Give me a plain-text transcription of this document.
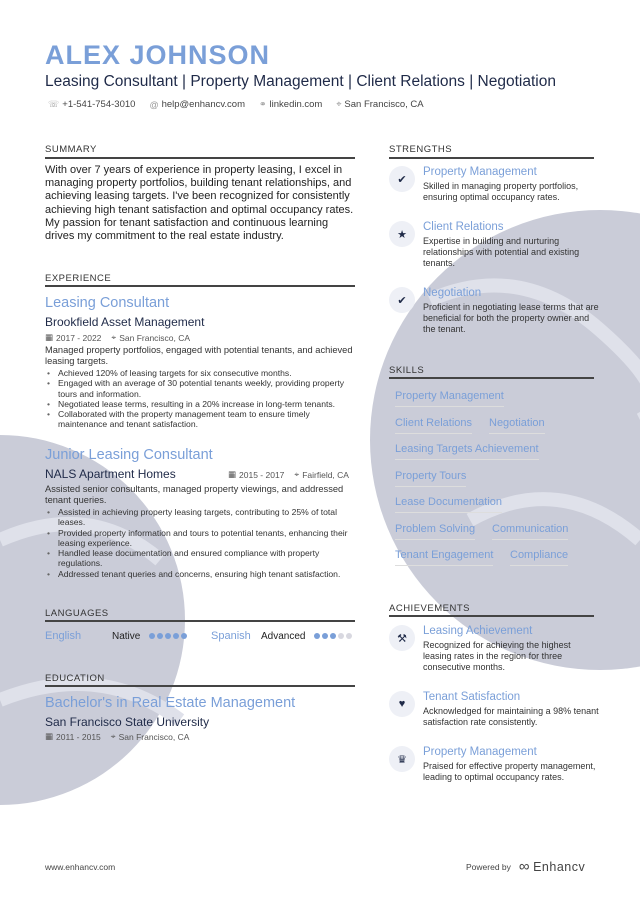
ALEX JOHNSON
Leasing Consultant | Property Management | Client Relations | Negotiation
☏ +1-541-754-3010 @ help@enhancv.com ⚭ linkedin.com ⌖ San Francisco, CA
SUMMARY
With over 7 years of experience in property leasing, I excel in managing property portfolios, building tenant relationships, and achieving leasing targets. I've been recognized for consistently achieving high tenant satisfaction and optimal occupancy rates. My passion for tenant satisfaction and continuous learning drives my commitment to the real estate industry.
EXPERIENCE
Leasing Consultant
Brookfield Asset Management
▦ 2017 - 2022 ⌖ San Francisco, CA
Managed property portfolios, engaged with potential tenants, and achieved leasing targets.
• Achieved 120% of leasing targets for six consecutive months.
• Engaged with an average of 30 potential tenants weekly, providing property tours and information.
• Negotiated lease terms, resulting in a 20% increase in long-term tenants.
• Collaborated with the property management team to ensure timely maintenance and tenant satisfaction.
Junior Leasing Consultant
NALS Apartment Homes	▦ 2015 - 2017 ⌖ Fairfield, CA
Assisted senior consultants, managed property viewings, and addressed tenant queries.
• Assisted in achieving property leasing targets, contributing to 25% of total leases.
• Provided property information and tours to potential tenants, enhancing their leasing experience.
• Handled lease documentation and ensured compliance with property regulations.
• Addressed tenant queries and concerns, ensuring high tenant satisfaction.
LANGUAGES
English	Native	Spanish	Advanced
EDUCATION
Bachelor's in Real Estate Management
San Francisco State University
▦ 2011 - 2015 ⌖ San Francisco, CA
STRENGTHS
✔
Property Management
Skilled in managing property portfolios, ensuring optimal occupancy rates.
★
Client Relations
Expertise in building and nurturing relationships with potential and existing tenants.
✔
Negotiation
Proficient in negotiating lease terms that are beneficial for both the property owner and the tenant.
SKILLS
Property Management
Client Relations Negotiation
Leasing Targets Achievement
Property Tours
Lease Documentation
Problem Solving Communication
Tenant Engagement Compliance
ACHIEVEMENTS
⚒
Leasing Achievement
Recognized for achieving the highest leasing rates in the region for three consecutive months.
♥
Tenant Satisfaction
Acknowledged for maintaining a 98% tenant satisfaction rate consistently.
♛
Property Management
Praised for effective property management, leading to optimal occupancy rates.
www.enhancv.com	Powered by ∞ Enhancv
